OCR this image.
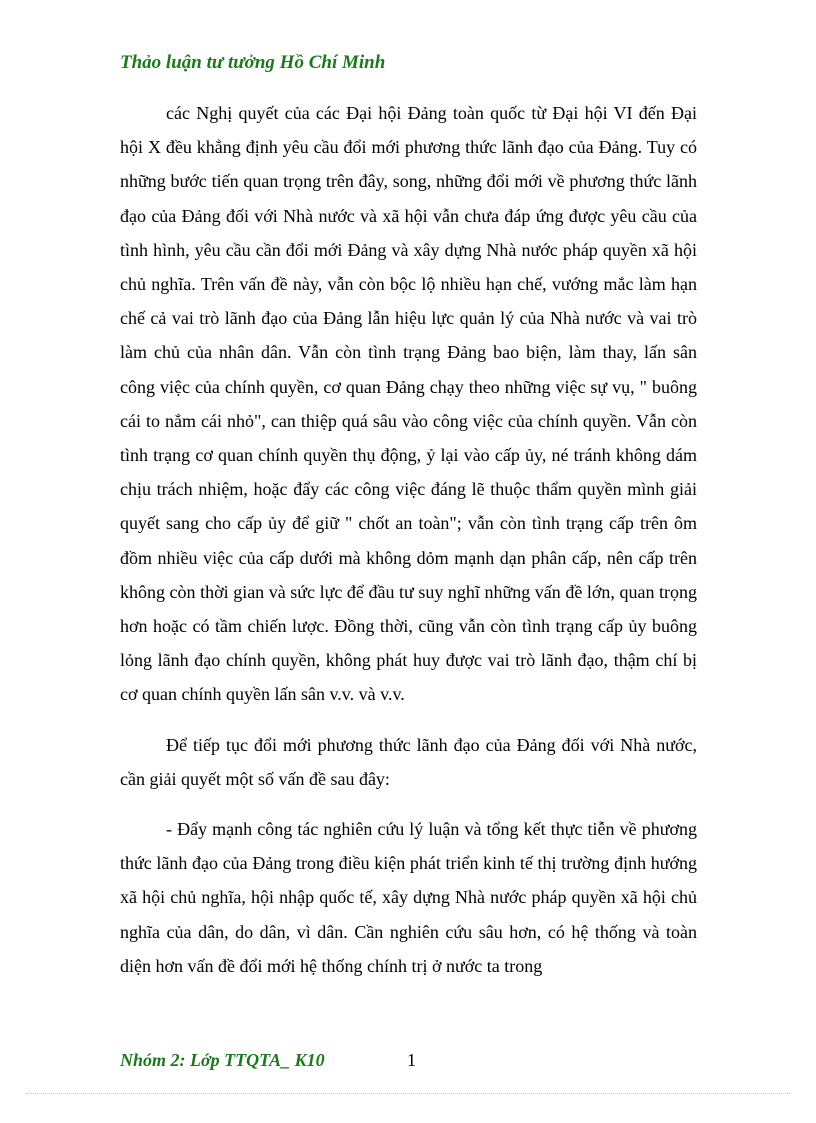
Thảo luận tư tưởng Hồ Chí Minh

các Nghị quyết của các Đại hội Đảng toàn quốc từ Đại hội VI đến Đại hội X đều khẳng định yêu cầu đổi mới phương thức lãnh đạo của Đảng. Tuy có những bước tiến quan trọng trên đây, song, những đổi mới về phương thức lãnh đạo của Đảng đối với Nhà nước và xã hội vẫn chưa đáp ứng được yêu cầu của tình hình, yêu cầu cần đổi mới Đảng và xây dựng Nhà nước pháp quyền xã hội chủ nghĩa. Trên vấn đề này, vẫn còn bộc lộ nhiều hạn chế, vướng mắc làm hạn chế cả vai trò lãnh đạo của Đảng lẫn hiệu lực quản lý của Nhà nước và vai trò làm chủ của nhân dân. Vẫn còn tình trạng Đảng bao biện, làm thay, lấn sân công việc của chính quyền, cơ quan Đảng chạy theo những việc sự vụ, " buông cái to nắm cái nhỏ", can thiệp quá sâu vào công việc của chính quyền. Vẫn còn tình trạng cơ quan chính quyền thụ động, ỷ lại vào cấp ủy, né tránh không dám chịu trách nhiệm, hoặc đẩy các công việc đáng lẽ thuộc thẩm quyền mình giải quyết sang cho cấp ủy để giữ " chốt an toàn"; vẫn còn tình trạng cấp trên ôm đồm nhiều việc của cấp dưới mà không dỏm mạnh dạn phân cấp, nên cấp trên không còn thời gian và sức lực để đầu tư suy nghĩ những vấn đề lớn, quan trọng hơn hoặc có tầm chiến lược. Đồng thời, cũng vẫn còn tình trạng cấp ủy buông lỏng lãnh đạo chính quyền, không phát huy được vai trò lãnh đạo, thậm chí bị cơ quan chính quyền lấn sân v.v. và v.v.

Để tiếp tục đổi mới phương thức lãnh đạo của Đảng đối với Nhà nước, cần giải quyết một số vấn đề sau đây:

- Đẩy mạnh công tác nghiên cứu lý luận và tổng kết thực tiễn về phương thức lãnh đạo của Đảng trong điều kiện phát triển kinh tế thị trường định hướng xã hội chủ nghĩa, hội nhập quốc tế, xây dựng Nhà nước pháp quyền xã hội chủ nghĩa của dân, do dân, vì dân. Cần nghiên cứu sâu hơn, có hệ thống và toàn diện hơn vấn đề đổi mới hệ thống chính trị ở nước ta trong

Nhóm 2: Lớp TTQTA_ K10	1
